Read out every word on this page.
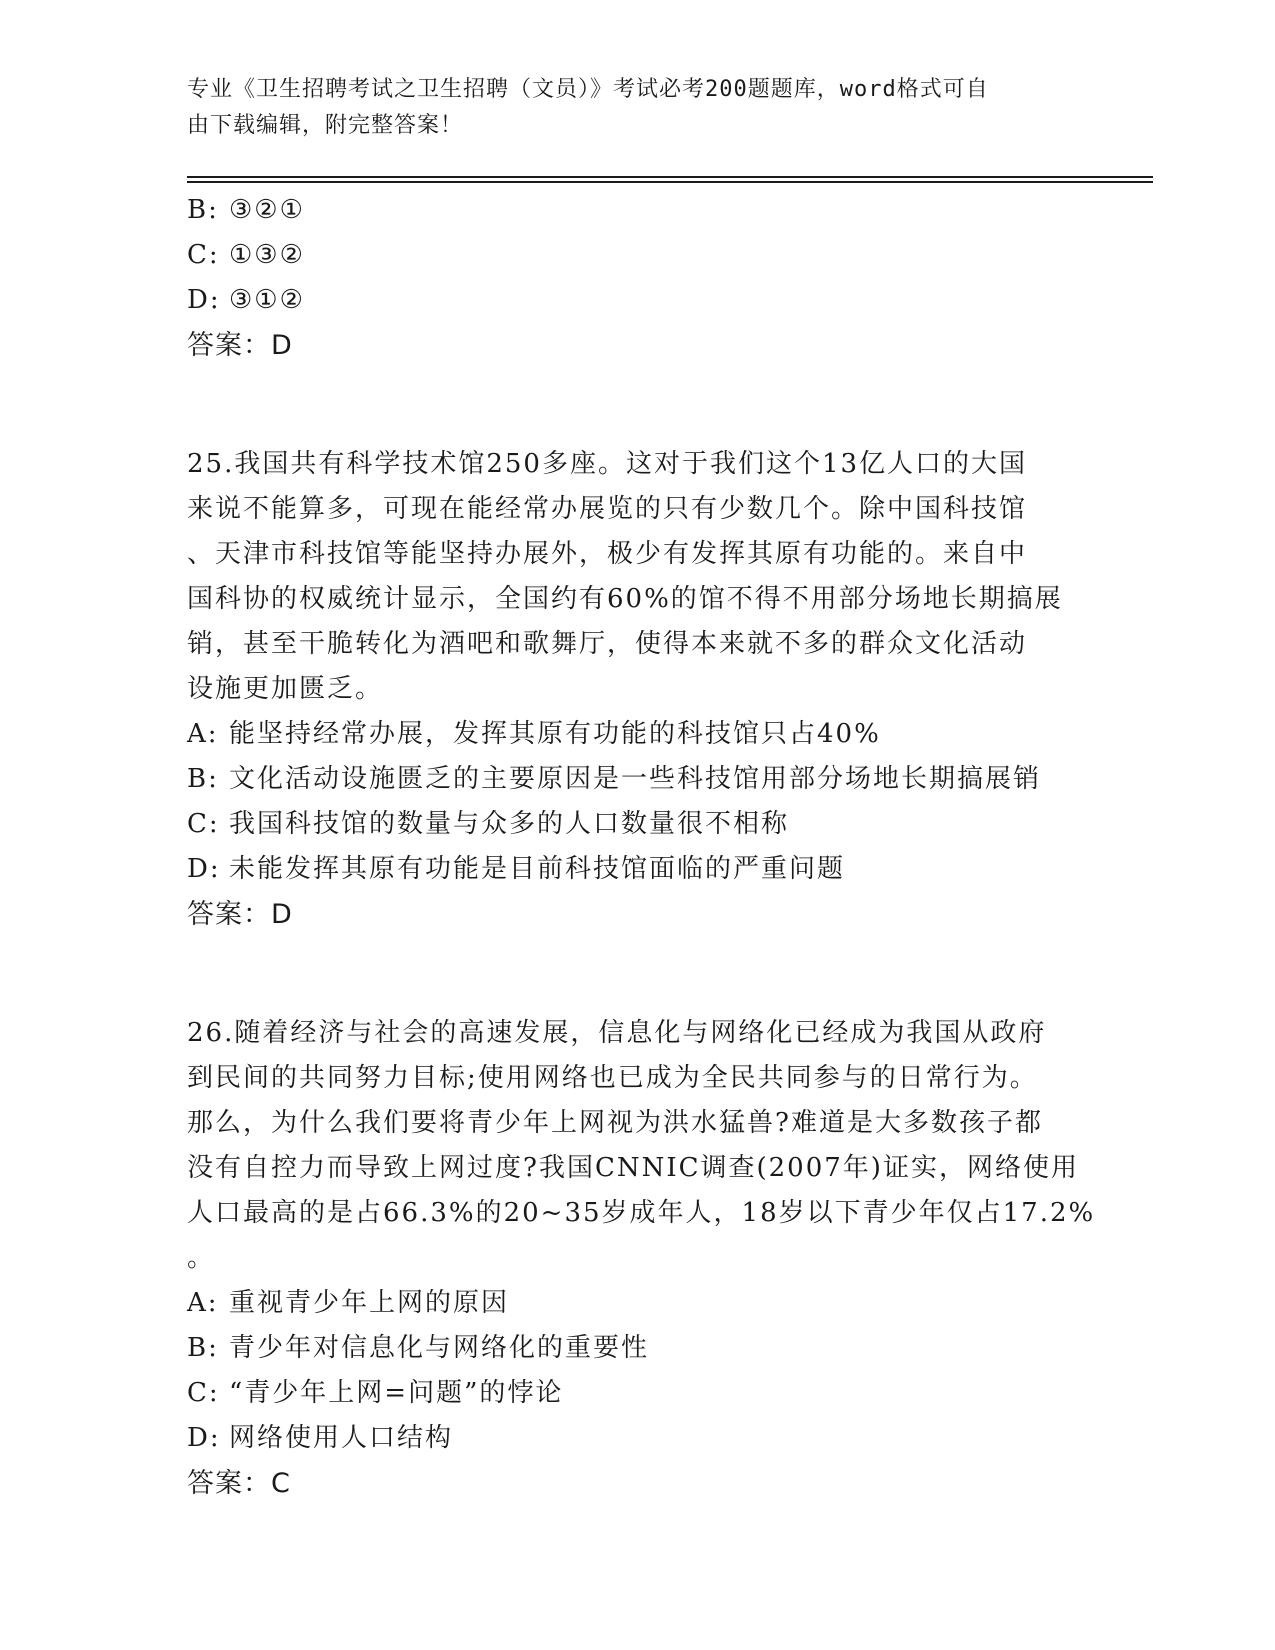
专业《卫生招聘考试之卫生招聘（文员）》考试必考200题题库，word格式可自
由下载编辑，附完整答案！
B: ③②①
C: ①③②
D: ③①②
答案：D
25.我国共有科学技术馆250多座。这对于我们这个13亿人口的大国
来说不能算多，可现在能经常办展览的只有少数几个。除中国科技馆
、天津市科技馆等能坚持办展外，极少有发挥其原有功能的。来自中
国科协的权威统计显示，全国约有60%的馆不得不用部分场地长期搞展
销，甚至干脆转化为酒吧和歌舞厅，使得本来就不多的群众文化活动
设施更加匮乏。
A: 能坚持经常办展，发挥其原有功能的科技馆只占40%
B: 文化活动设施匮乏的主要原因是一些科技馆用部分场地长期搞展销
C: 我国科技馆的数量与众多的人口数量很不相称
D: 未能发挥其原有功能是目前科技馆面临的严重问题
答案：D
26.随着经济与社会的高速发展，信息化与网络化已经成为我国从政府
到民间的共同努力目标;使用网络也已成为全民共同参与的日常行为。
那么，为什么我们要将青少年上网视为洪水猛兽?难道是大多数孩子都
没有自控力而导致上网过度?我国CNNIC调查(2007年)证实，网络使用
人口最高的是占66.3%的20~35岁成年人，18岁以下青少年仅占17.2%
。
A: 重视青少年上网的原因
B: 青少年对信息化与网络化的重要性
C: “青少年上网=问题”的悖论
D: 网络使用人口结构
答案：C
